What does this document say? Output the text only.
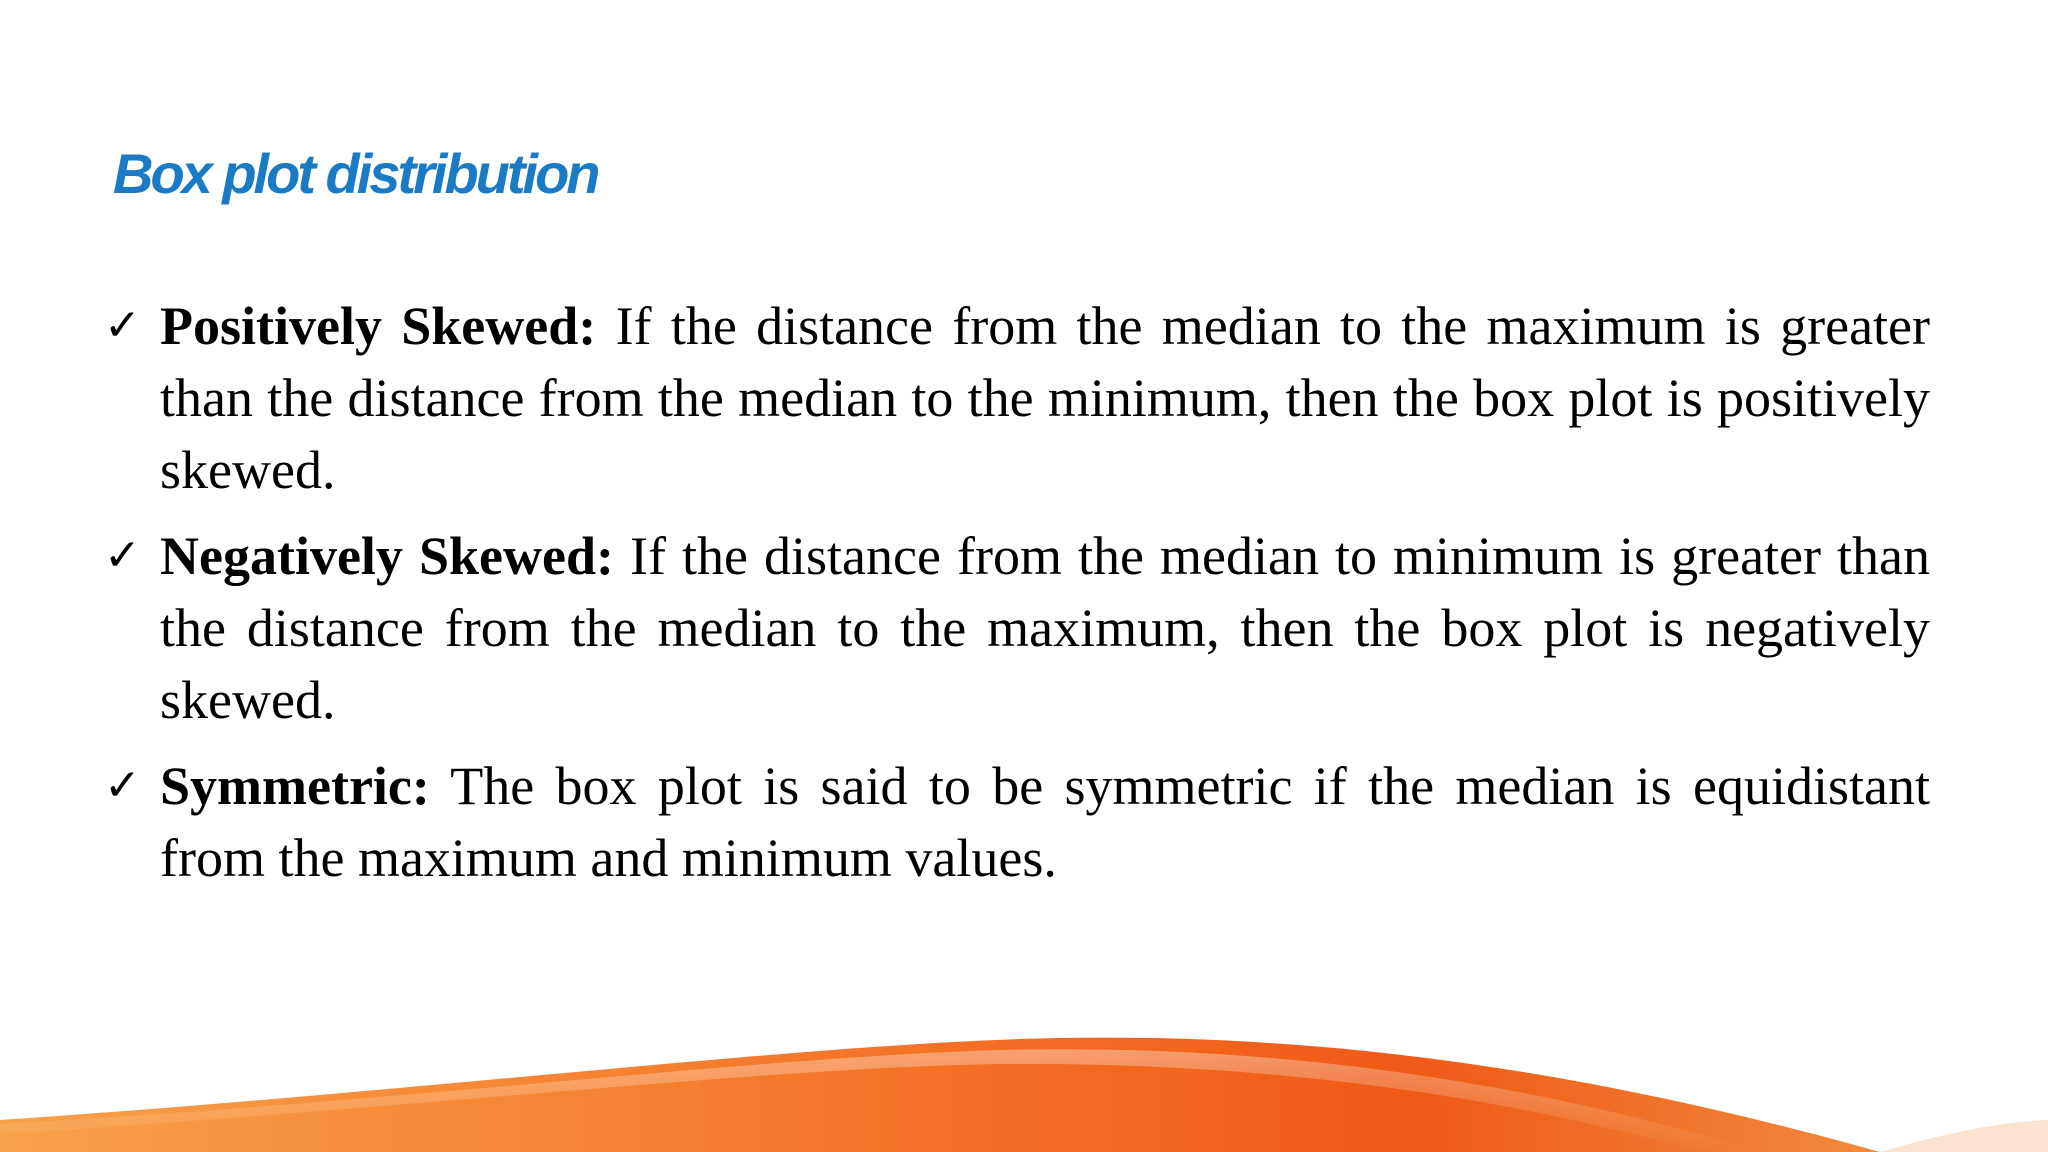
Box plot distribution
✓ Positively Skewed: If the distance from the median to the maximum is greater than the distance from the median to the minimum, then the box plot is positively skewed.
✓ Negatively Skewed: If the distance from the median to minimum is greater than the distance from the median to the maximum, then the box plot is negatively skewed.
✓ Symmetric: The box plot is said to be symmetric if the median is equidistant from the maximum and minimum values.
